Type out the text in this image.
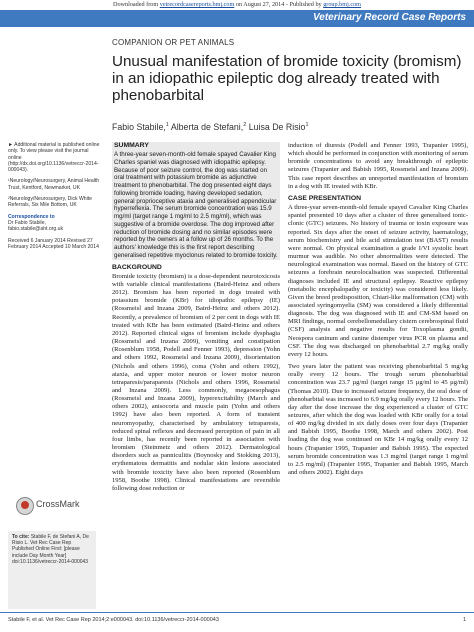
Downloaded from vetrecordcasereports.bmj.com on August 27, 2014 - Published by group.bmj.com
Veterinary Record Case Reports
COMPANION OR PET ANIMALS
Unusual manifestation of bromide toxicity (bromism) in an idiopathic epileptic dog already treated with phenobarbital
Fabio Stabile,$^1$ Alberta de Stefani,$^2$ Luisa De Risio$^1$

► Additional material is published online only. To view please visit the journal online (http://dx.doi.org/10.1136/vetreccr-2014-000043).

¹Neurology/Neurosurgery, Animal Health Trust, Kentford, Newmarket, UK

²Neurology/Neurosurgery, Dick White Referrals, Six Mile Bottom, UK

Correspondence to

Dr Fabio Stabile, fabio.stabile@aht.org.uk

Received 6 January 2014 Revised 27 February 2014 Accepted 10 March 2014

CrossMark
To cite: Stabile F, de Stefani A, De Risio L. Vet Rec Case Rep Published Online First: [please include Day Month Year] doi:10.1136/vetreccr-2014-000043
SUMMARY

A three-year seven-month-old female spayed Cavalier King Charles spaniel was diagnosed with idiopathic epilepsy. Because of poor seizure control, the dog was started on oral treatment with potassium bromide as adjunctive treatment to phenobarbital. The dog presented eight days following bromide loading, having developed sedation, general proprioceptive ataxia and generalised appendicular hyperreflexia. The serum bromide concentration was 15.9 mg/ml (target range 1 mg/ml to 2.5 mg/ml), which was suggestive of a bromide overdose. The dog improved after reduction of bromide dosing and no similar episodes were reported by the owners at a follow up of 26 months. To the authors' knowledge this is the first report describing generalised repetitive myoclonus related to bromide toxicity.

BACKGROUND

Bromide toxicity (bromism) is a dose-dependent neurotoxicosis with variable clinical manifestations (Baird-Heinz and others 2012). Bromism has been reported in dogs treated with potassium bromide (KBr) for idiopathic epilepsy (IE) (Rossmeisl and Inzana 2009, Baird-Heinz and others 2012). Recently, a prevalence of bromism of 2 per cent in dogs with IE treated with KBr has been estimated (Baird-Heinz and others 2012). Reported clinical signs of bromism include dysphagia (Rossmeisl and Inzana 2009), vomiting and constipation (Rosenblum 1958, Podell and Fenner 1993), depression (Yohn and others 1992, Rossmeisl and Inzana 2009), disorientation (Nichols and others 1996), coma (Yohn and others 1992), ataxia, and upper motor neuron or lower motor neuron tetraparesis/paraparesis (Nichols and others 1996, Rossmeisl and Inzana 2009). Less commonly, megaoesophagus (Rossmeisl and Inzana 2009), hyperexcitability (March and others 2002), anisocoria and muscle pain (Yohn and others 1992) have also been reported. A form of transient neuromyopathy, characterised by ambulatory tetraparesis, reduced spinal reflexes and decreased perception of pain in all four limbs, has recently been reported in association with bromism (Steinmetz and others 2012). Dermatological disorders such as panniculitis (Boynosky and Stokking 2013), erythematous dermatitis and nodular skin lesions associated with bromide toxicity have also been reported (Rosenblum 1958, Boothe 1998). Clinical manifestations are reversible following dose reduction or

induction of diuresis (Podell and Fenner 1993, Trapanier 1995), which should be performed in conjunction with monitoring of serum bromide concentrations to avoid any breakthrough of epileptic seizures (Trapanier and Babish 1995, Rossmeisl and Inzana 2009). This case report describes an unreported manifestation of bromism in a dog with IE treated with KBr.

CASE PRESENTATION

A three-year seven-month-old female spayed Cavalier King Charles spaniel presented 10 days after a cluster of three generalised tonic-clonic (GTC) seizures. No history of trauma or toxin exposure was reported. Six days after the onset of seizure activity, haematology, serum biochemistry and bile acid stimulation test (BAST) results were normal. On physical examination a grade I/VI systolic heart murmur was audible. No other abnormalities were detected. The neurological examination was normal. Based on the history of GTC seizures a forebrain neurolocalisation was suspected. Differential diagnoses included IE and structural epilepsy. Reactive epilepsy (metabolic encephalopathy or toxicity) was considered less likely. Given the breed predisposition, Chiari-like malformation (CM) with associated syringomyelia (SM) was considered a likely differential diagnosis. The dog was diagnosed with IE and CM-SM based on MRI findings, normal cerebellomedullary cistern cerebrospinal fluid (CSF) analysis and negative results for Toxoplasma gondii, Neospora caninum and canine distemper virus PCR on plasma and CSF. The dog was discharged on phenobarbital 2.7 mg/kg orally every 12 hours.

Two years later the patient was receiving phenobarbital 5 mg/kg orally every 12 hours. The trough serum phenobarbital concentration was 23.7 µg/ml (target range 15 µg/ml to 45 µg/ml) (Thomas 2010). Due to increased seizure frequency, the oral dose of phenobarbital was increased to 6.9 mg/kg orally every 12 hours. The day after the dose increase the dog experienced a cluster of GTC seizures, after which the dog was loaded with KBr orally for a total of 400 mg/kg divided in six daily doses over four days (Trapanier and Babish 1995, Boothe 1998, March and others 2002). Post loading the dog was continued on KBr 14 mg/kg orally every 12 hours (Trapanier 1995, Trapanier and Babish 1995). The expected serum bromide concentration was 1.3 mg/ml (target range 1 mg/ml to 2.5 mg/ml) (Trapanier 1995, Trapanier and Babish 1995, March and others 2002). Eight days

Stabile F, et al. Vet Rec Case Rep 2014;2:e000043. doi:10.1136/vetreccr-2014-000043	1
